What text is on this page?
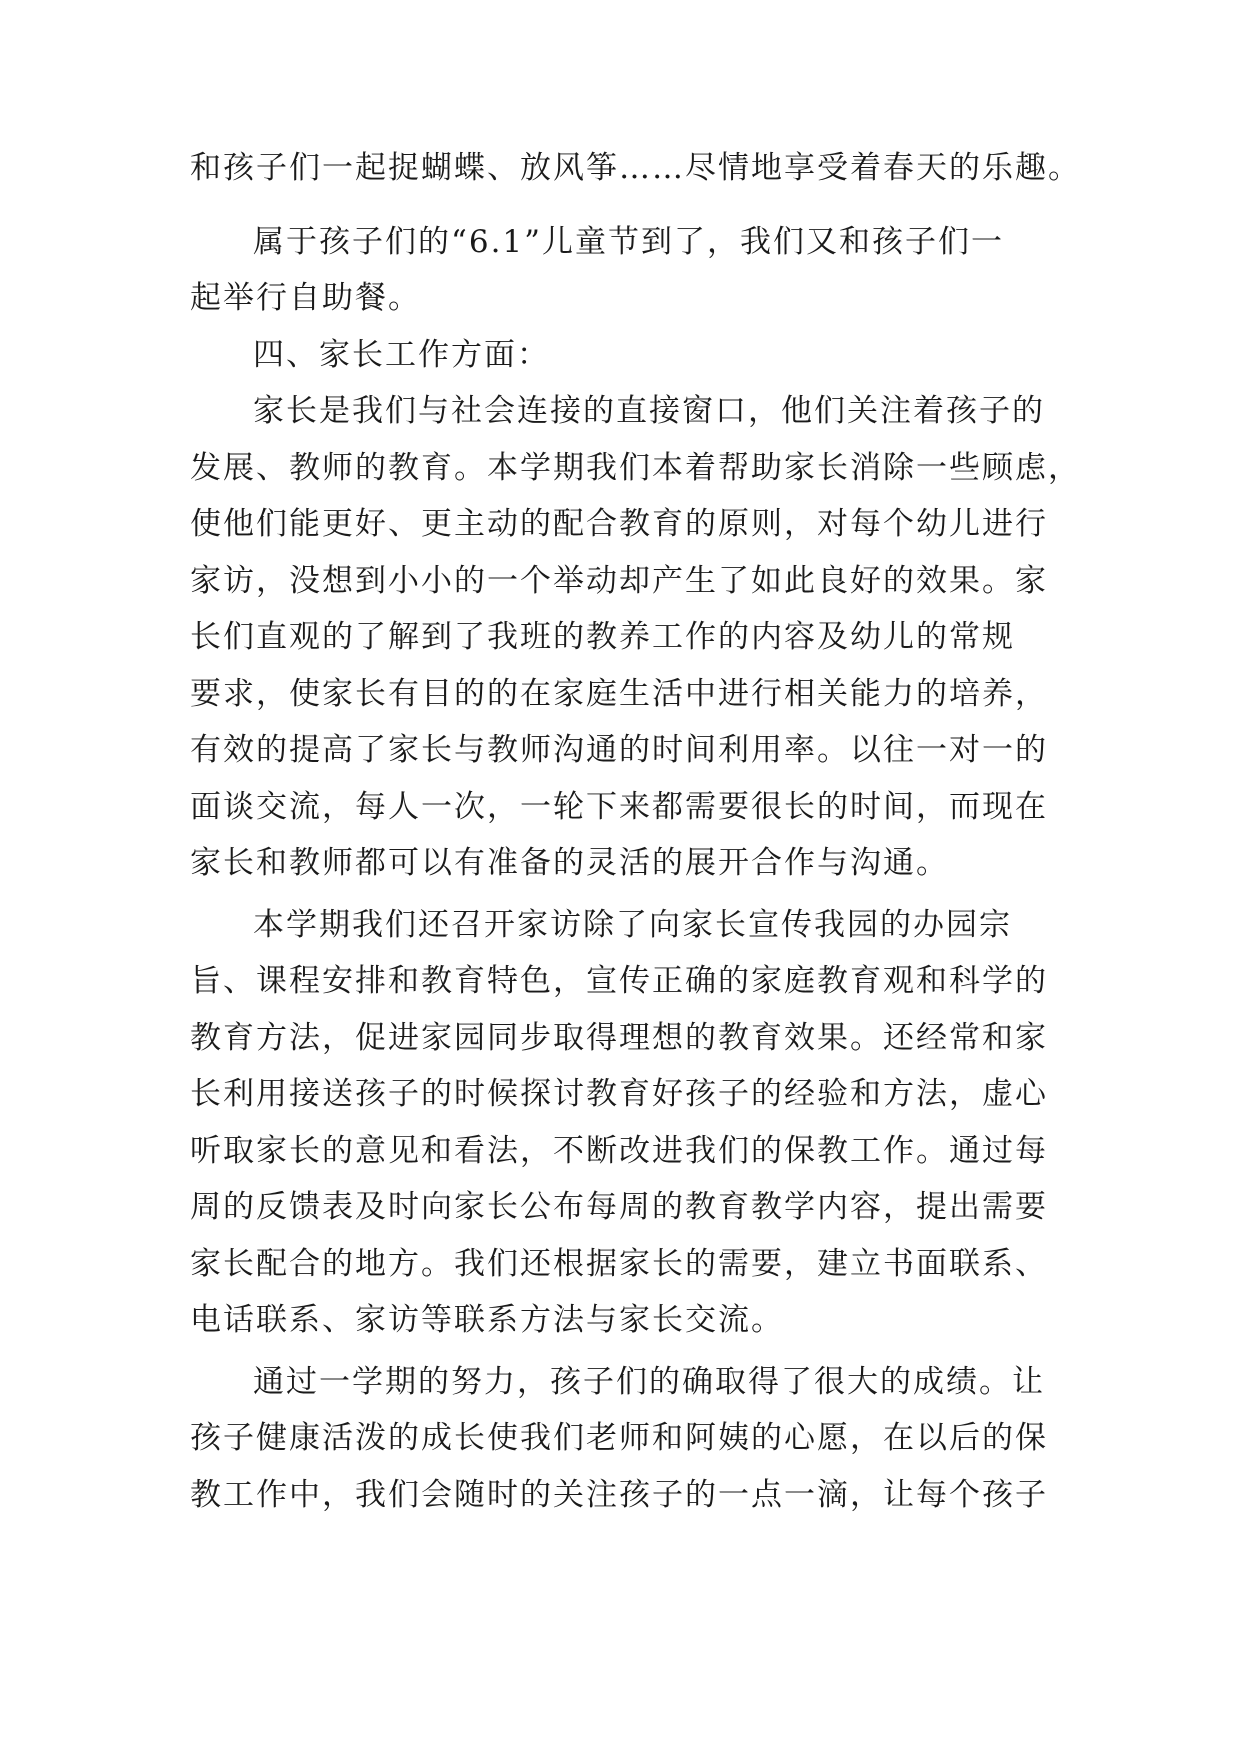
和孩子们一起捉蝴蝶、放风筝……尽情地享受着春天的乐趣。
属于孩子们的“6.1”儿童节到了，我们又和孩子们一
起举行自助餐。
四、家长工作方面：
家长是我们与社会连接的直接窗口，他们关注着孩子的
发展、教师的教育。本学期我们本着帮助家长消除一些顾虑，
使他们能更好、更主动的配合教育的原则，对每个幼儿进行
家访，没想到小小的一个举动却产生了如此良好的效果。家
长们直观的了解到了我班的教养工作的内容及幼儿的常规
要求，使家长有目的的在家庭生活中进行相关能力的培养，
有效的提高了家长与教师沟通的时间利用率。以往一对一的
面谈交流，每人一次，一轮下来都需要很长的时间，而现在
家长和教师都可以有准备的灵活的展开合作与沟通。
本学期我们还召开家访除了向家长宣传我园的办园宗
旨、课程安排和教育特色，宣传正确的家庭教育观和科学的
教育方法，促进家园同步取得理想的教育效果。还经常和家
长利用接送孩子的时候探讨教育好孩子的经验和方法，虚心
听取家长的意见和看法，不断改进我们的保教工作。通过每
周的反馈表及时向家长公布每周的教育教学内容，提出需要
家长配合的地方。我们还根据家长的需要，建立书面联系、
电话联系、家访等联系方法与家长交流。
通过一学期的努力，孩子们的确取得了很大的成绩。让
孩子健康活泼的成长使我们老师和阿姨的心愿，在以后的保
教工作中，我们会随时的关注孩子的一点一滴，让每个孩子
